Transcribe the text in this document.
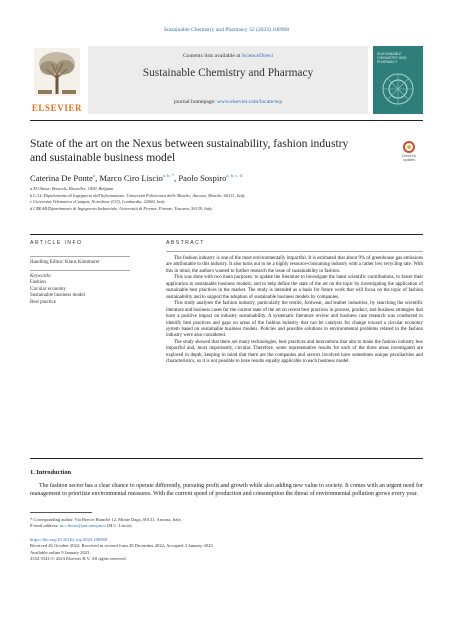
Sustainable Chemistry and Pharmacy 32 (2023) 100968
ELSEVIER
Contents lists available at ScienceDirect
Sustainable Chemistry and Pharmacy
journal homepage: www.elsevier.com/locate/scp
SUSTAINABLE CHEMISTRY AND PHARMACY
State of the art on the Nexus between sustainability, fashion industry and sustainable business model	Check for
updates
Caterina De Ponte$^a$, Marco Ciro Liscio$^{a, b, *}$, Paolo Sospiro$^{a, b, c, d}$
a EUAbout, Brussels, Bruxelles, 1000, Belgium
b C.I.I./Dipartimento di Ingegneria dell'Informazione, Università Politecnica delle Marche, Ancona, Marche, 60131, Italy
c Università Telematica eCampus, Novedrate (CO), Lombardia, 22060, Italy
d CREAR/Dipartimento di Ingegneria Industriale, Università di Firenze, Firenze, Toscana, 50139, Italy
ARTICLE INFO	ABSTRACT
Handling Editor: Klaus Kümmerer
Keywords:
Fashion
Circular economy
Sustainable business model
Best practice

The fashion industry is one of the most environmentally impactful. It is estimated that about 9% of greenhouse gas emissions are attributable to this industry. It also turns out to be a highly resource-consuming industry with a rather low recycling rate. With this in mind, the authors wanted to further research the issue of sustainability in fashion.

This was done with two main purposes: to update the literature to investigate the latest scientific contributions, to foster their application in sustainable business models; and to help define the state of the art on the topic by investigating the application of sustainable best practices in the market. The study is intended as a basis for future work that will focus on the topic of fashion sustainability and to support the adoption of sustainable business models by companies.

This study analyses the fashion industry, particularly the textile, footwear, and leather industries, by searching the scientific literature and business cases for the current state of the art on recent best practices in process, product, and business strategies that have a positive impact on industry sustainability. A systematic literature review and business case research was conducted to identify best practices and gaps on areas of the fashion industry that can be catalysts for change toward a circular economy system based on sustainable business models. Policies and possible solutions to environmental problems related to the fashion industry were also considered.

The study showed that there are many technologies, best practices and innovations that aim to make the fashion industry less impactful and, most importantly, circular. Therefore, some representative results for each of the three areas investigated are explored in depth, keeping in mind that there are the companies and sectors involved have sometimes unique peculiarities and characteristics, so it is not possible to have results equally applicable to each business model.

1. Introduction
The fashion sector has a clear chance to operate differently, pursuing profit and growth while also adding new value to society. It comes with an urgent need for management to prioritize environmental measures. With the current speed of production and consumption the threat of environmental pollution grows every year.
* Corresponding author. Via Brecce Bianche 12, Monte Dago, 60131, Ancona, Italy.
E-mail address: m.c.liscio@pm.univpm.it (M.C. Liscio).
https://doi.org/10.1016/j.scp.2023.100968
Received 26 October 2022; Received in revised form 28 December 2022; Accepted 3 January 2023
Available online 9 January 2023
2352-5541/© 2023 Elsevier B.V. All rights reserved.
